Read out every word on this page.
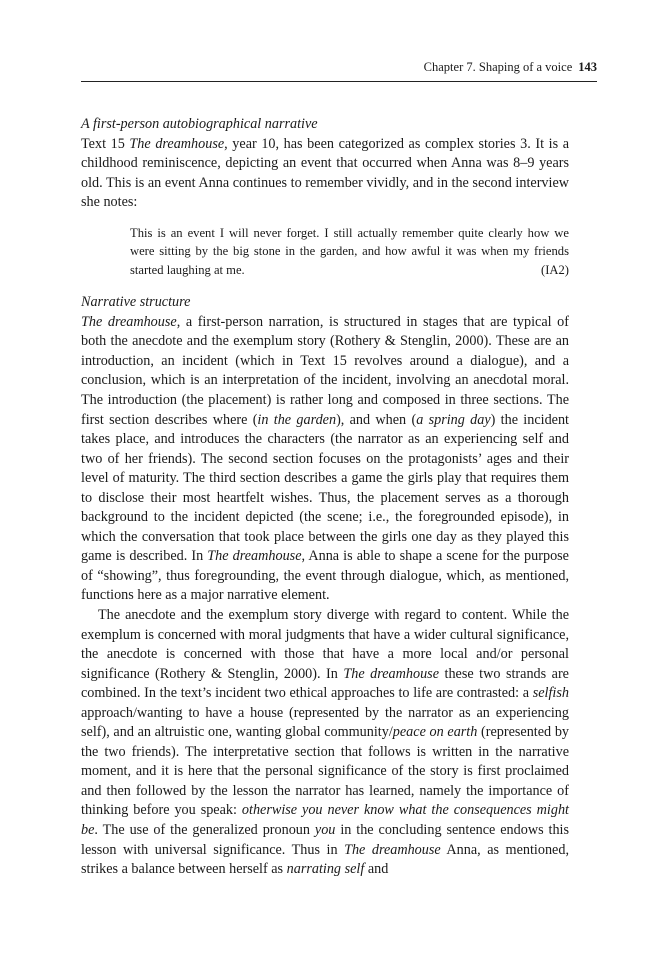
Chapter 7. Shaping of a voice 143
A first-person autobiographical narrative

Text 15 The dreamhouse, year 10, has been categorized as complex stories 3. It is a childhood reminiscence, depicting an event that occurred when Anna was 8–9 years old. This is an event Anna continues to remember vividly, and in the second interview she notes:

This is an event I will never forget. I still actually remember quite clearly how we were sitting by the big stone in the garden, and how awful it was when my friends started laughing at me.	(IA2)
Narrative structure

The dreamhouse, a first-person narration, is structured in stages that are typical of both the anecdote and the exemplum story (Rothery & Stenglin, 2000). These are an introduction, an incident (which in Text 15 revolves around a dialogue), and a conclusion, which is an interpretation of the incident, involving an anecdotal moral. The introduction (the placement) is rather long and composed in three sections. The first section describes where (in the garden), and when (a spring day) the incident takes place, and introduces the characters (the narrator as an experiencing self and two of her friends). The second section focuses on the protagonists’ ages and their level of maturity. The third section describes a game the girls play that requires them to disclose their most heartfelt wishes. Thus, the placement serves as a thorough background to the incident depicted (the scene; i.e., the foregrounded episode), in which the conversation that took place between the girls one day as they played this game is described. In The dreamhouse, Anna is able to shape a scene for the purpose of “showing”, thus foregrounding, the event through dialogue, which, as mentioned, functions here as a major narrative element.

The anecdote and the exemplum story diverge with regard to content. While the exemplum is concerned with moral judgments that have a wider cultural significance, the anecdote is concerned with those that have a more local and/or personal significance (Rothery & Stenglin, 2000). In The dreamhouse these two strands are combined. In the text’s incident two ethical approaches to life are contrasted: a selfish approach/wanting to have a house (represented by the narrator as an experiencing self), and an altruistic one, wanting global community/peace on earth (represented by the two friends). The interpretative section that follows is written in the narrative moment, and it is here that the personal significance of the story is first proclaimed and then followed by the lesson the narrator has learned, namely the importance of thinking before you speak: otherwise you never know what the consequences might be. The use of the generalized pronoun you in the concluding sentence endows this lesson with universal significance. Thus in The dreamhouse Anna, as mentioned, strikes a balance between herself as narrating self and
